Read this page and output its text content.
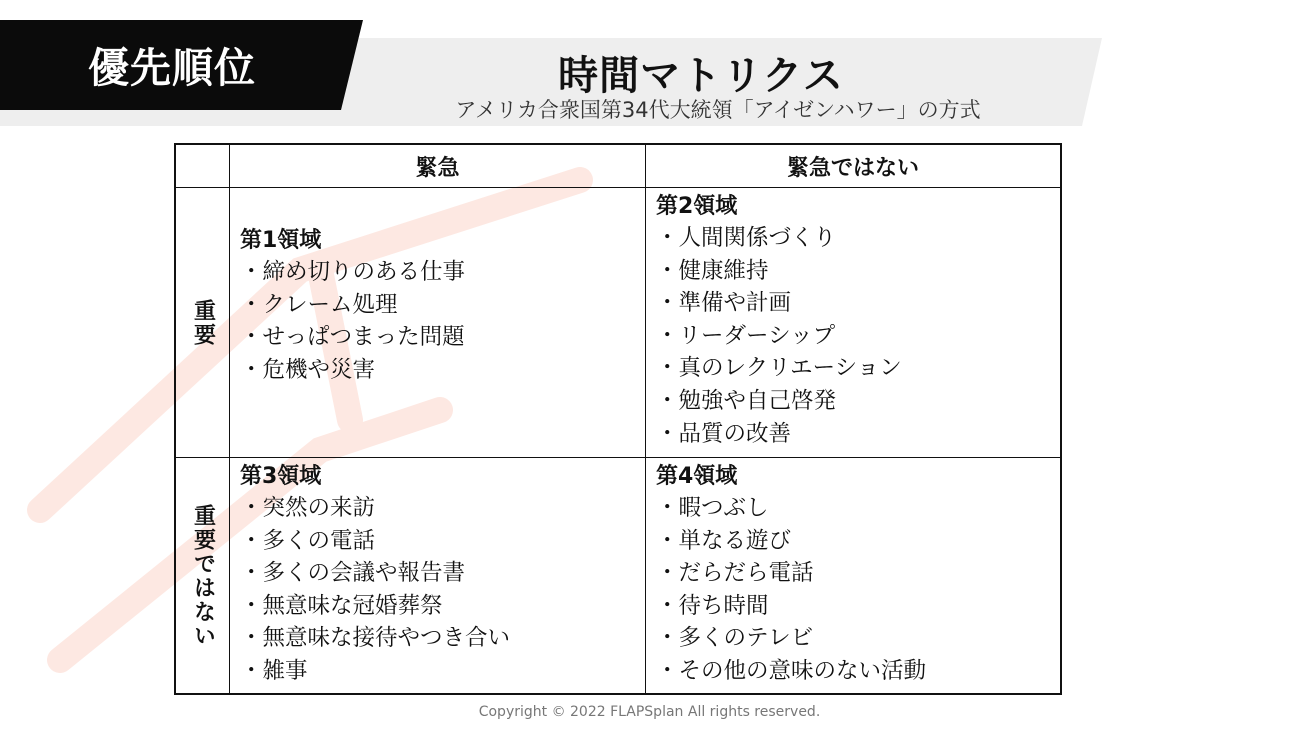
優先順位	時間マトリクス
アメリカ合衆国第34代大統領「アイゼンハワー」の方式
緊急	緊急ではない
重要
第1領域
・ 締め切りのある仕事
・ クレーム処理
・ せっぱつまった問題
・ 危機や災害
第2領域
・ 人間関係づくり
・ 健康維持
・ 準備や計画
・ リーダーシップ
・ 真のレクリエーション
・ 勉強や自己啓発
・ 品質の改善
重要ではない
第3領域
・ 突然の来訪
・ 多くの電話
・ 多くの会議や報告書
・ 無意味な冠婚葬祭
・ 無意味な接待やつき合い
・ 雑事
第4領域
・ 暇つぶし
・ 単なる遊び
・ だらだら電話
・ 待ち時間
・ 多くのテレビ
・ その他の意味のない活動
Copyright © 2022 FLAPSplan All rights reserved.
